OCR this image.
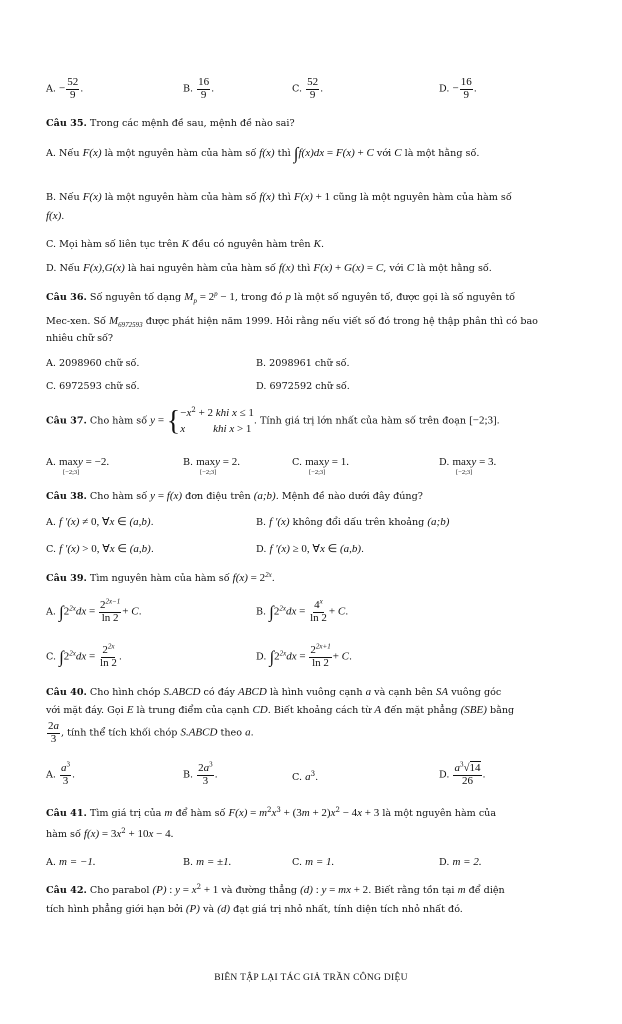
A. − $\frac{52}{9}$ .	B. $\frac{16}{9}$ .	C. $\frac{52}{9}$ .	D. − $\frac{16}{9}$ .
Câu 35. Trong các mệnh đề sau, mệnh đề nào sai?
A. Nếu F(x) là một nguyên hàm của hàm số f(x) thì ∫f(x)dx = F(x) + C với C là một hằng số.
B. Nếu F(x) là một nguyên hàm của hàm số f(x) thì F(x) + 1 cũng là một nguyên hàm của hàm số
f(x).
C. Mọi hàm số liên tục trên K đều có nguyên hàm trên K.
D. Nếu F(x),G(x) là hai nguyên hàm của hàm số f(x) thì F(x) + G(x) = C, với C là một hằng số.
Câu 36. Số nguyên tố dạng $M_p = 2^p - 1$, trong đó p là một số nguyên tố, được gọi là số nguyên tố
Mec-xen. Số $M_{6972593}$ được phát hiện năm 1999. Hỏi rằng nếu viết số đó trong hệ thập phân thì có bao
nhiêu chữ số?
A. 2098960 chữ số.	B. 2098961 chữ số.
C. 6972593 chữ số.	D. 6972592 chữ số.
Câu 37. Cho hàm số $y = \{-x^2 + 2$ khi x ≤ 1
x	khi x > 1. Tính giá trị lớn nhất của hàm số trên đoạn [−2;3].
A. maxy = −2.
[−2;3]
B. maxy = 2.
[−2;3]
C. maxy = 1.
[−2;3]
D. maxy = 3.
[−2;3]
Câu 38. Cho hàm số y = f(x) đơn điệu trên (a;b). Mệnh đề nào dưới đây đúng?
A. f ′(x) ≠ 0, ∀x ∈ (a,b).	B. f ′(x) không đổi dấu trên khoảng (a;b)
C. f ′(x) > 0, ∀x ∈ (a,b).	D. f ′(x) ≥ 0, ∀x ∈ (a,b).
Câu 39. Tìm nguyên hàm của hàm số $f(x) = 2^{2x}$.
A. $\int 2^{2x}dx = \frac{2^{2x-1}}{\ln 2} + C$.	B. $\int 2^{2x}dx = \frac{4^x}{\ln 2} + C$.
C. $\int 2^{2x}dx = \frac{2^{2x}}{\ln 2}$ .	D. $\int 2^{2x}dx = \frac{2^{2x+1}}{\ln 2} + C$.
Câu 40. Cho hình chóp S.ABCD có đáy ABCD là hình vuông cạnh a và cạnh bên SA vuông góc
với mặt đáy. Gọi E là trung điểm của cạnh CD. Biết khoảng cách từ A đến mặt phẳng (SBE) bằng
$\frac{2a}{3}$ , tính thể tích khối chóp S.ABCD theo a.
A. $\frac{a^3}{3}$ .	B. $\frac{2a^3}{3}$ .	C. $a^3$.	D. $\frac{a^3√14}{26}$ .
Câu 41. Tìm giá trị của m để hàm số $F(x) = m^2x^3 + (3m + 2)x^2 - 4x + 3$ là một nguyên hàm của
hàm số $f(x) = 3x^2 + 10x - 4$.
A. m = −1.	B. m = ±1.	C. m = 1.	D. m = 2.
Câu 42. Cho parabol (P) : $y = x^2 + 1$ và đường thẳng (d) : y = mx + 2. Biết rằng tồn tại m để diện
tích hình phẳng giới hạn bởi (P) và (d) đạt giá trị nhỏ nhất, tính diện tích nhỏ nhất đó.
BIÊN TẬP LẠI TÁC GIẢ TRẦN CÔNG DIỆU
